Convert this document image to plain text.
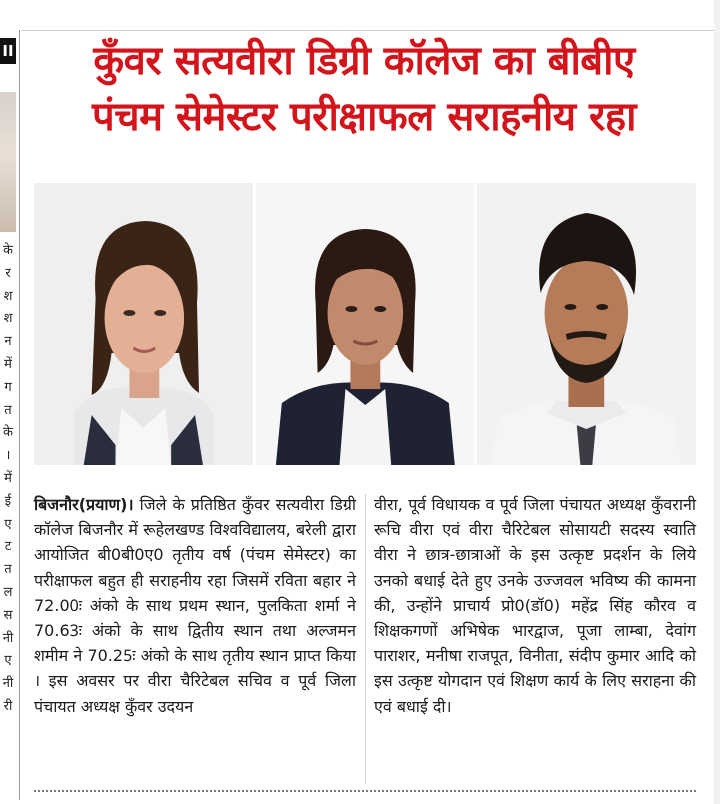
II
के
र
श
श
न
में
ग
त
के
।
में
ई
ए
ट
त
ल
स
नी
ए
नी
री
कुँवर सत्यवीरा डिग्री कॉलेज का बीबीए
पंचम सेमेस्टर परीक्षाफल सराहनीय रहा
बिजनौर(प्रयाण)। जिले के प्रतिष्ठित कुँवर सत्यवीरा डिग्री कॉलेज बिजनौर में रूहेलखण्ड विश्वविद्यालय, बरेली द्वारा आयोजित बी0बी0ए0 तृतीय वर्ष (पंचम सेमेस्टर) का परीक्षाफल बहुत ही सराहनीय रहा जिसमें रविता बहार ने 72.00ः अंको के साथ प्रथम स्थान, पुलकिता शर्मा ने 70.63ः अंको के साथ द्वितीय स्थान तथा अल्जमन शमीम ने 70.25ः अंको के साथ तृतीय स्थान प्राप्त किया । इस अवसर पर वीरा चैरिटेबल सचिव व पूर्व जिला पंचायत अध्यक्ष कुँवर उदयन
वीरा, पूर्व विधायक व पूर्व जिला पंचायत अध्यक्ष कुँवरानी रूचि वीरा एवं वीरा चैरिटेबल सोसायटी सदस्य स्वाति वीरा ने छात्र-छात्राओं के इस उत्कृष्ट प्रदर्शन के लिये उनको बधाई देते हुए उनके उज्जवल भविष्य की कामना की, उन्होंने प्राचार्य प्रो0(डॉ0) महेंद्र सिंह कौरव व शिक्षकगणों अभिषेक भारद्वाज, पूजा लाम्बा, देवांग पाराशर, मनीषा राजपूत, विनीता, संदीप कुमार आदि को इस उत्कृष्ट योगदान एवं शिक्षण कार्य के लिए सराहना की एवं बधाई दी।
